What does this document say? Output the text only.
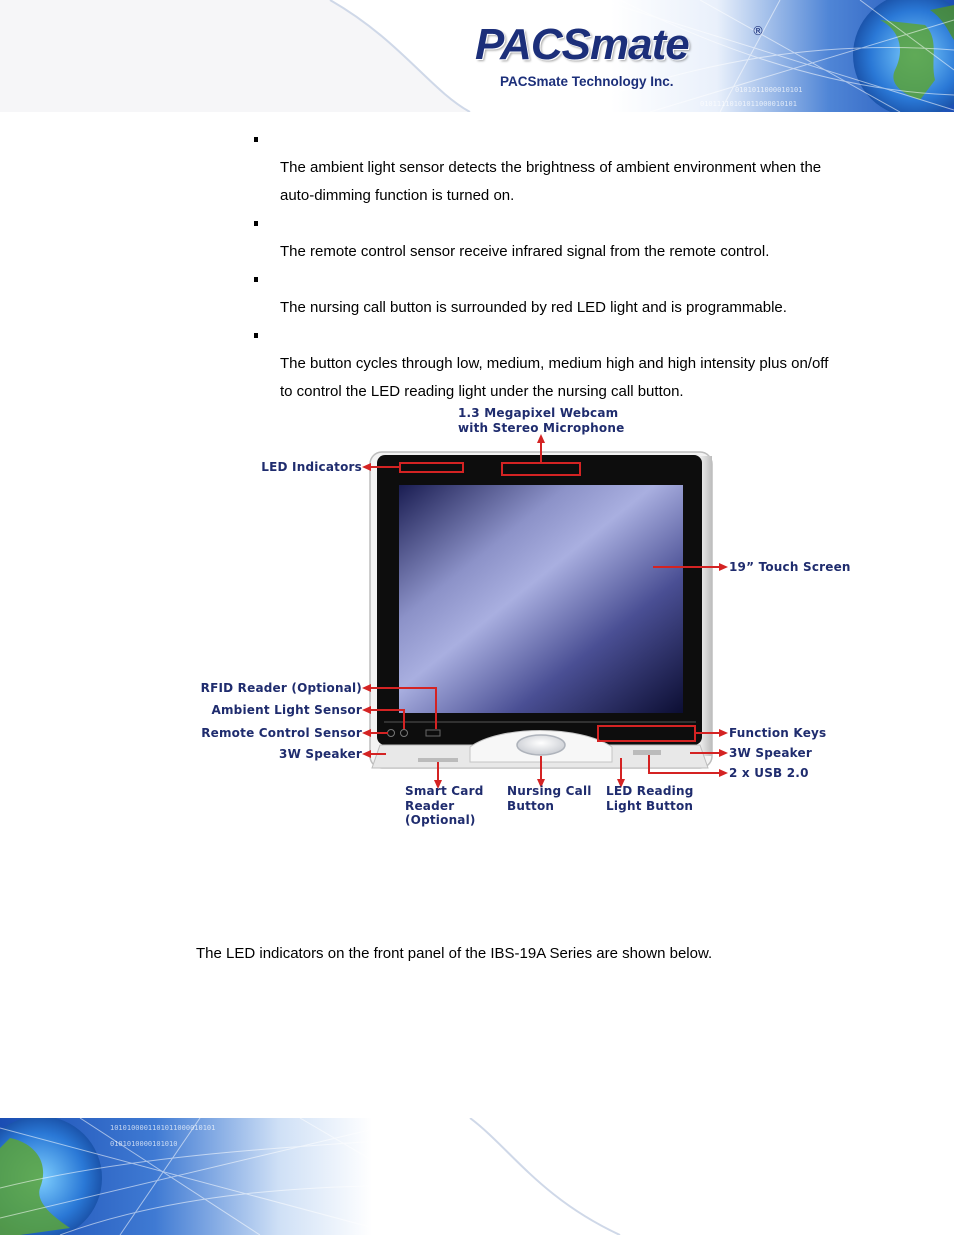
0101011000010101
01011110101011000010101
PACSmate	®
PACSmate Technology Inc.
The ambient light sensor detects the brightness of ambient environment when the auto-dimming function is turned on.
The remote control sensor receive infrared signal from the remote control.
The nursing call button is surrounded by red LED light and is programmable.
The button cycles through low, medium, medium high and high intensity plus on/off to control the LED reading light under the nursing call button.
1.3 Megapixel Webcam
with Stereo Microphone
LED Indicators
19” Touch Screen
RFID Reader (Optional)
Ambient Light Sensor
Remote Control Sensor
3W Speaker
Function Keys
3W Speaker
2 x USB 2.0
Smart Card
Reader
(Optional)
Nursing Call
Button
LED Reading
Light Button
The LED indicators on the front panel of the IBS-19A Series are shown below.
1010100001101011000010101
0101010000101010
